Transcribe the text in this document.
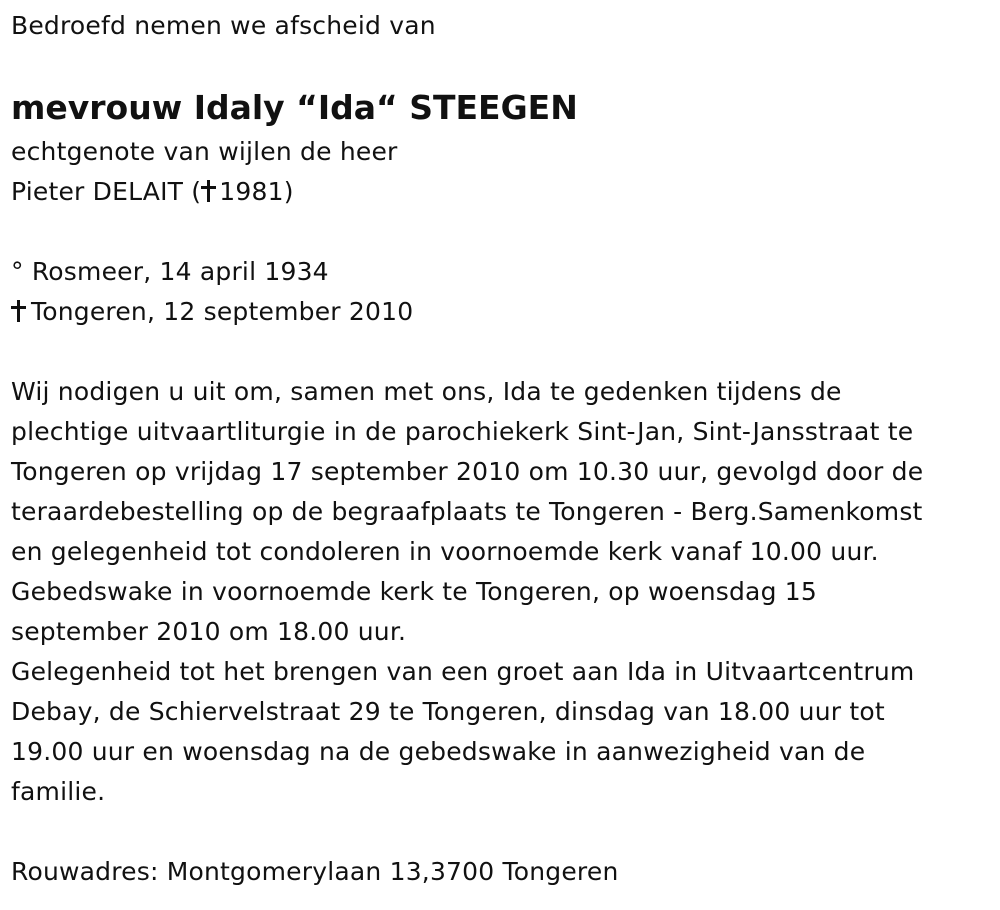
Bedroefd nemen we afscheid van
mevrouw Idaly “Ida“ STEEGEN
echtgenote van wijlen de heer
Pieter DELAIT ( 1981)
° Rosmeer, 14 april 1934
Tongeren, 12 september 2010
Wij nodigen u uit om, samen met ons, Ida te gedenken tijdens de
plechtige uitvaartliturgie in de parochiekerk Sint-Jan, Sint-Jansstraat te
Tongeren op vrijdag 17 september 2010 om 10.30 uur, gevolgd door de
teraardebestelling op de begraafplaats te Tongeren - Berg.Samenkomst
en gelegenheid tot condoleren in voornoemde kerk vanaf 10.00 uur.
Gebedswake in voornoemde kerk te Tongeren, op woensdag 15
september 2010 om 18.00 uur.
Gelegenheid tot het brengen van een groet aan Ida in Uitvaartcentrum
Debay, de Schiervelstraat 29 te Tongeren, dinsdag van 18.00 uur tot
19.00 uur en woensdag na de gebedswake in aanwezigheid van de
familie.
Rouwadres: Montgomerylaan 13,3700 Tongeren
